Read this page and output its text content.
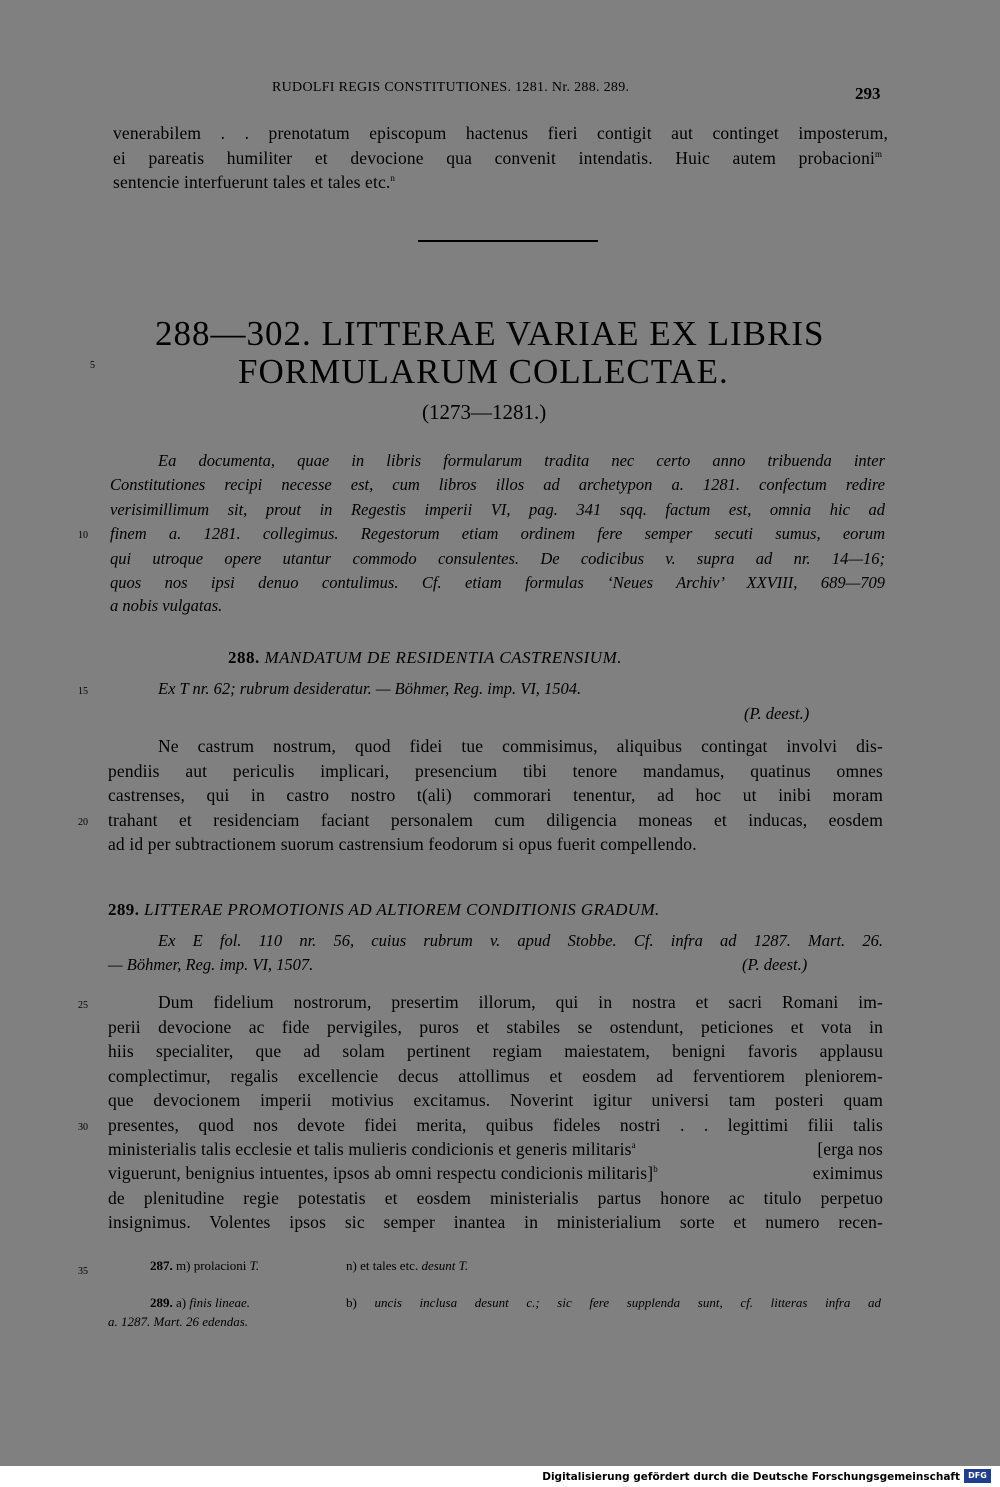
RUDOLFI REGIS CONSTITUTIONES. 1281. Nr. 288. 289.	293
venerabilem . . prenotatum episcopum hactenus fieri contigit aut continget imposterum,
ei pareatis humiliter et devocione qua convenit intendatis. Huic autem probacioni$^m$
sentencie interfuerunt tales et tales etc.$^n$
288—302. LITTERAE VARIAE EX LIBRIS
FORMULARUM COLLECTAE.
(1273—1281.)
Ea documenta, quae in libris formularum tradita nec certo anno tribuenda inter
Constitutiones recipi necesse est, cum libros illos ad archetypon a. 1281. confectum redire
verisimillimum sit, prout in Regestis imperii VI, pag. 341 sqq. factum est, omnia hic ad
finem a. 1281. collegimus. Regestorum etiam ordinem fere semper secuti sumus, eorum
qui utroque opere utantur commodo consulentes. De codicibus v. supra ad nr. 14—16;
quos nos ipsi denuo contulimus. Cf. etiam formulas ‘Neues Archiv’ XXVIII, 689—709
a nobis vulgatas.
288. MANDATUM DE RESIDENTIA CASTRENSIUM.
Ex T nr. 62; rubrum desideratur. — Böhmer, Reg. imp. VI, 1504.
(P. deest.)
Ne castrum nostrum, quod fidei tue commisimus, aliquibus contingat involvi dis-
pendiis aut periculis implicari, presencium tibi tenore mandamus, quatinus omnes
castrenses, qui in castro nostro t(ali) commorari tenentur, ad hoc ut inibi moram
trahant et residenciam faciant personalem cum diligencia moneas et inducas, eosdem
ad id per subtractionem suorum castrensium feodorum si opus fuerit compellendo.
289. LITTERAE PROMOTIONIS AD ALTIOREM CONDITIONIS GRADUM.
Ex E fol. 110 nr. 56, cuius rubrum v. apud Stobbe. Cf. infra ad 1287. Mart. 26.
— Böhmer, Reg. imp. VI, 1507.	(P. deest.)
Dum fidelium nostrorum, presertim illorum, qui in nostra et sacri Romani im-
perii devocione ac fide pervigiles, puros et stabiles se ostendunt, peticiones et vota in
hiis specialiter, que ad solam pertinent regiam maiestatem, benigni favoris applausu
complectimur, regalis excellencie decus attollimus et eosdem ad ferventiorem pleniorem-
que devocionem imperii motivius excitamus. Noverint igitur universi tam posteri quam
presentes, quod nos devote fidei merita, quibus fideles nostri . . legittimi filii talis
ministerialis talis ecclesie et talis mulieris condicionis et generis militaris$^a$	[erga nos
viguerunt, benignius intuentes, ipsos ab omni respectu condicionis militaris]$^b$	eximimus
de plenitudine regie potestatis et eosdem ministerialis partus honore ac titulo perpetuo
insignimus. Volentes ipsos sic semper inantea in ministerialium sorte et numero recen-
287. m) prolacioni T.	n) et tales etc. desunt T.
289. a) finis lineae.	b) uncis inclusa desunt c.; sic fere supplenda sunt, cf. litteras infra ad
a. 1287. Mart. 26 edendas.
5
10
15
20
25
30
35
Digitalisierung gefördert durch die Deutsche Forschungsgemeinschaft	DFG
